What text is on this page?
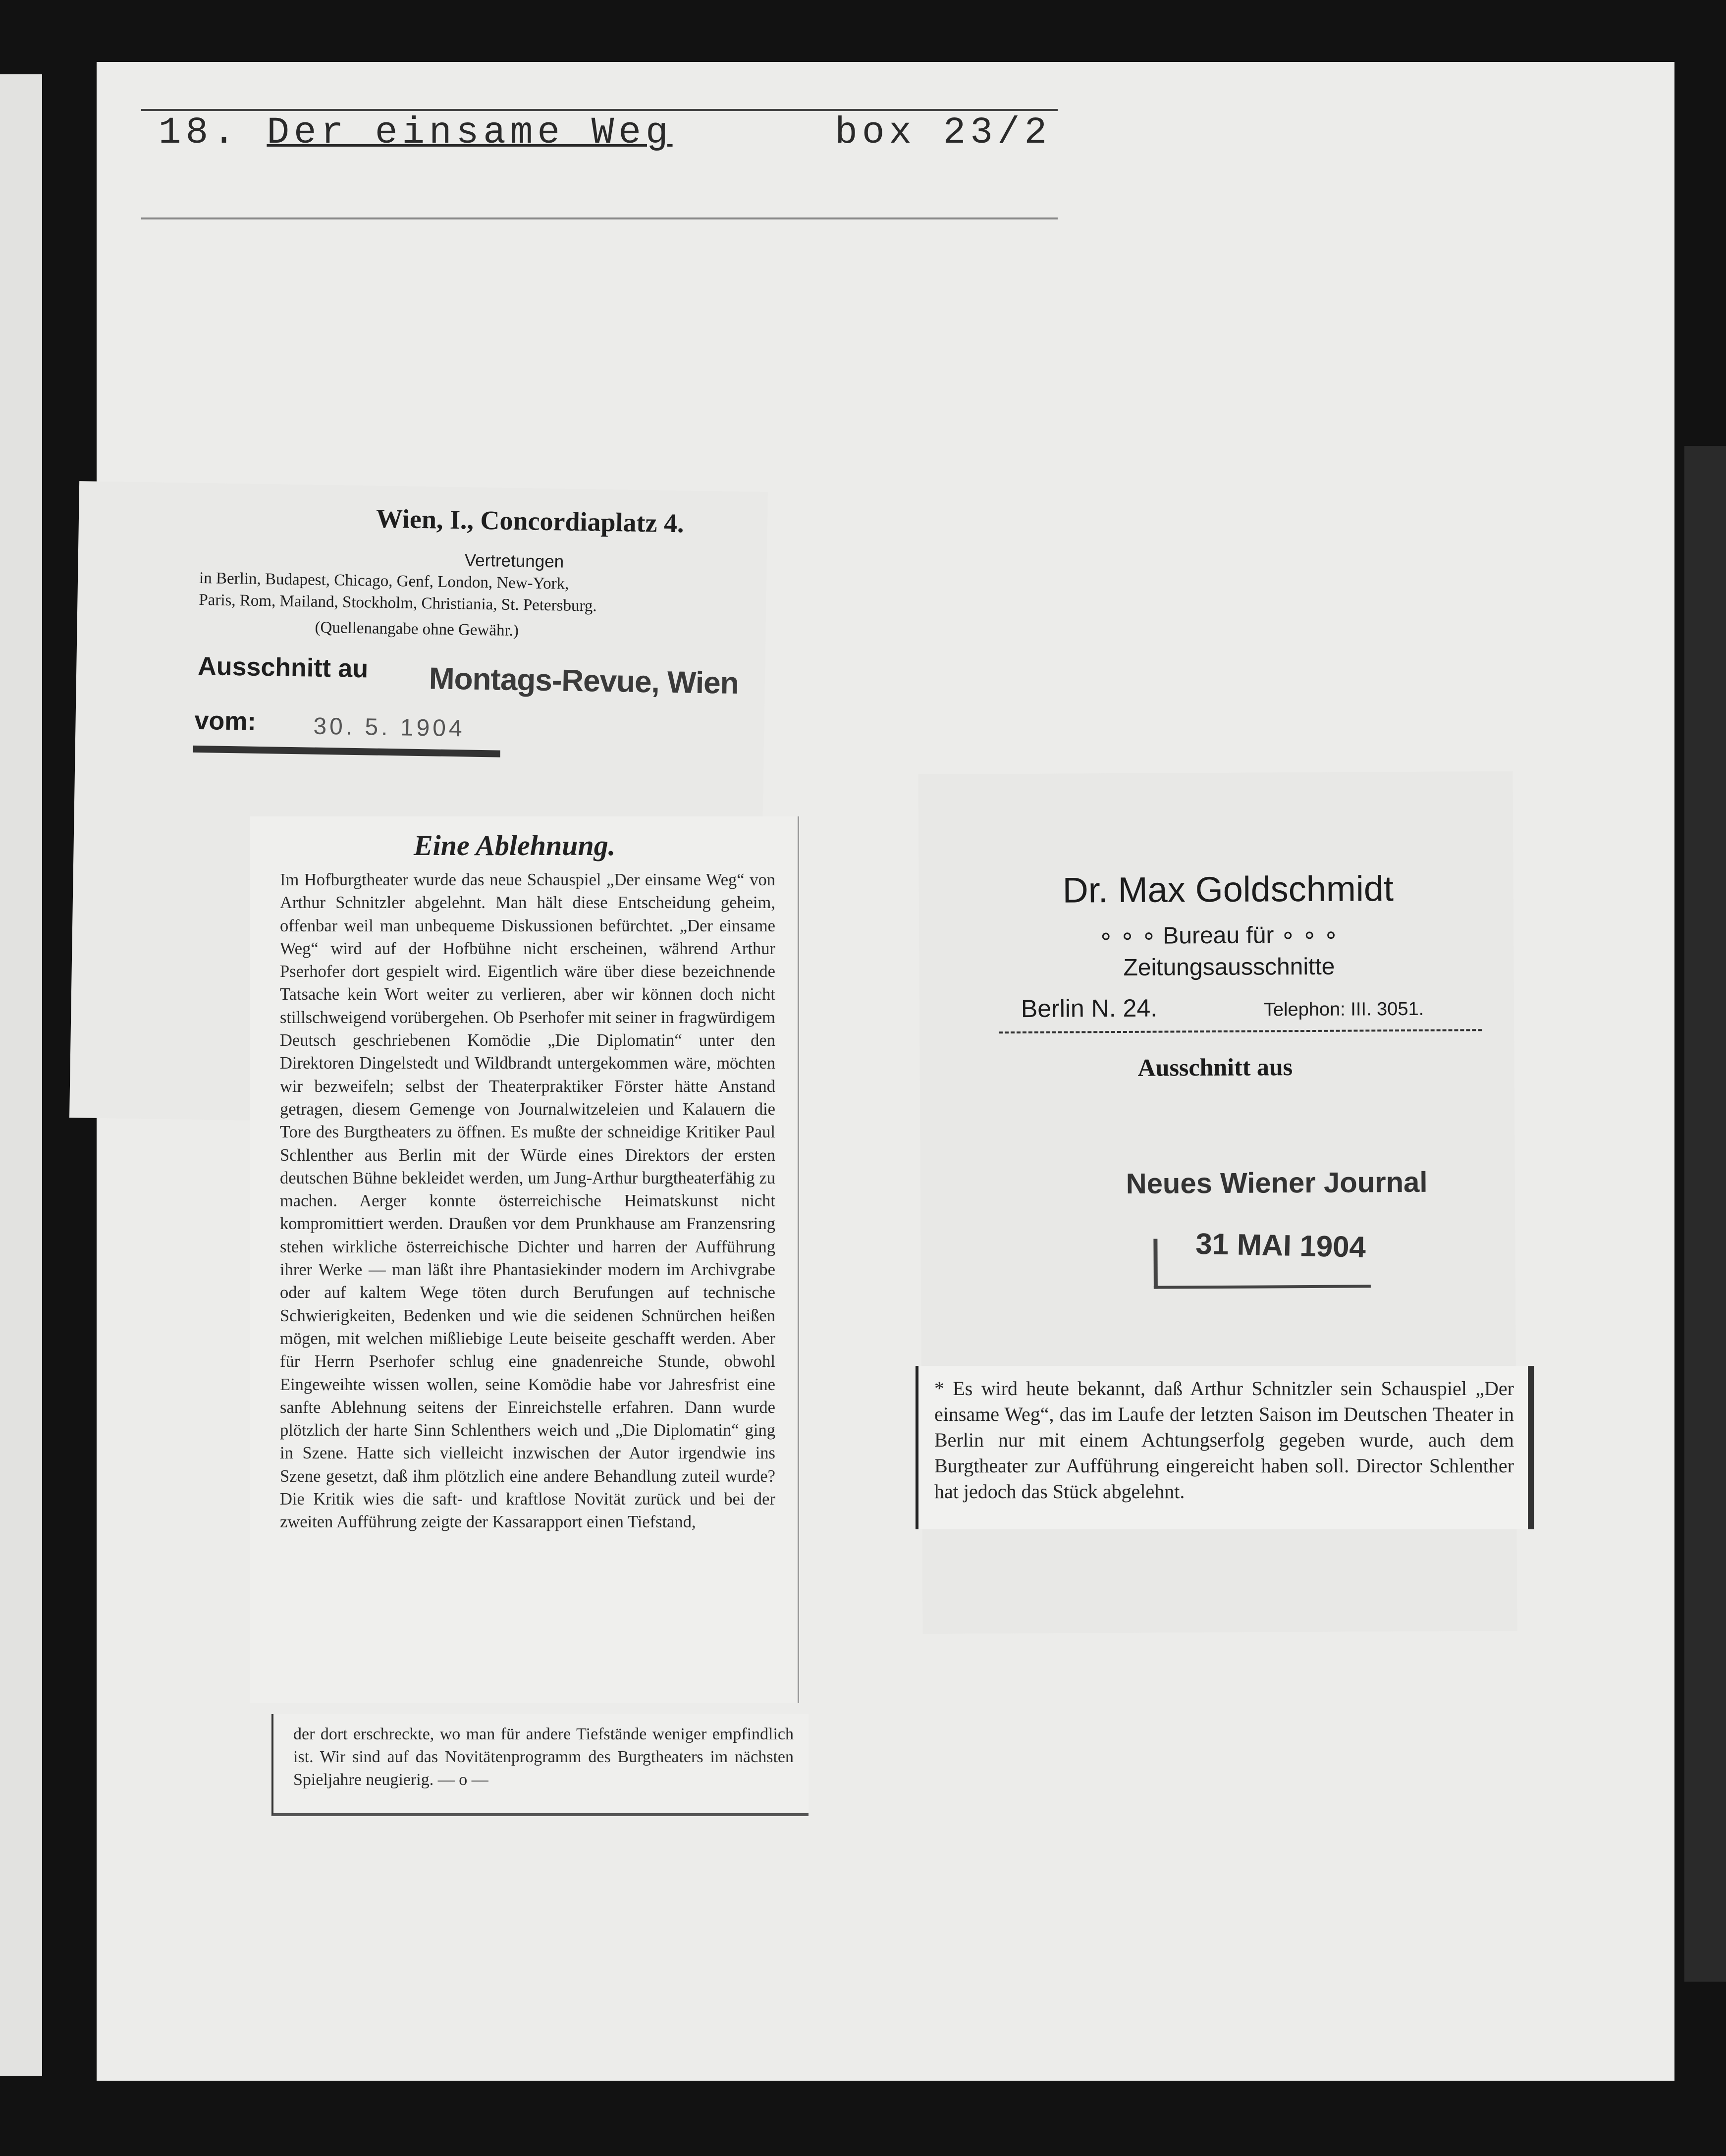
18. Der einsame Weg	box 23/2
Wien, I., Concordiaplatz 4.
Vertretungen
in Berlin, Budapest, Chicago, Genf, London, New-York,
Paris, Rom, Mailand, Stockholm, Christiania, St. Petersburg.
(Quellenangabe ohne Gewähr.)
Ausschnitt au Montags-Revue, Wien
vom: 30. 5. 1904
Eine Ablehnung.
Im Hofburgtheater wurde das neue Schauspiel „Der einsame Weg“ von Arthur Schnitzler abgelehnt. Man hält diese Entscheidung geheim, offenbar weil man unbequeme Diskussionen befürchtet. „Der einsame Weg“ wird auf der Hofbühne nicht erscheinen, während Arthur Pserhofer dort gespielt wird. Eigentlich wäre über diese bezeichnende Tatsache kein Wort weiter zu verlieren, aber wir können doch nicht stillschweigend vorübergehen. Ob Pserhofer mit seiner in fragwürdigem Deutsch geschriebenen Komödie „Die Diplomatin“ unter den Direktoren Dingelstedt und Wildbrandt untergekommen wäre, möchten wir bezweifeln; selbst der Theaterpraktiker Förster hätte Anstand getragen, diesem Gemenge von Journalwitzeleien und Kalauern die Tore des Burgtheaters zu öffnen. Es mußte der schneidige Kritiker Paul Schlenther aus Berlin mit der Würde eines Direktors der ersten deutschen Bühne bekleidet werden, um Jung-Arthur burgtheaterfähig zu machen. Aerger konnte österreichische Heimatskunst nicht kompromittiert werden. Draußen vor dem Prunkhause am Franzensring stehen wirkliche österreichische Dichter und harren der Aufführung ihrer Werke — man läßt ihre Phantasiekinder modern im Archivgrabe oder auf kaltem Wege töten durch Berufungen auf technische Schwierigkeiten, Bedenken und wie die seidenen Schnürchen heißen mögen, mit welchen mißliebige Leute beiseite geschafft werden. Aber für Herrn Pserhofer schlug eine gnadenreiche Stunde, obwohl Eingeweihte wissen wollen, seine Komödie habe vor Jahresfrist eine sanfte Ablehnung seitens der Einreichstelle erfahren. Dann wurde plötzlich der harte Sinn Schlenthers weich und „Die Diplomatin“ ging in Szene. Hatte sich vielleicht inzwischen der Autor irgendwie ins Szene gesetzt, daß ihm plötzlich eine andere Behandlung zuteil wurde? Die Kritik wies die saft- und kraftlose Novität zurück und bei der zweiten Aufführung zeigte der Kassarapport einen Tiefstand,
der dort erschreckte, wo man für andere Tiefstände weniger empfindlich ist. Wir sind auf das Novitätenprogramm des Burgtheaters im nächsten Spieljahre neugierig. — o —
Dr. Max Goldschmidt
∘ ∘ ∘ Bureau für ∘ ∘ ∘
Zeitungsausschnitte
Berlin N. 24.	Telephon: III. 3051.
Ausschnitt aus
Neues Wiener Journal
31 MAI 1904
* Es wird heute bekannt, daß Arthur Schnitzler sein Schauspiel „Der einsame Weg“, das im Laufe der letzten Saison im Deutschen Theater in Berlin nur mit einem Achtungserfolg gegeben wurde, auch dem Burgtheater zur Aufführung eingereicht haben soll. Director Schlenther hat jedoch das Stück abgelehnt.
